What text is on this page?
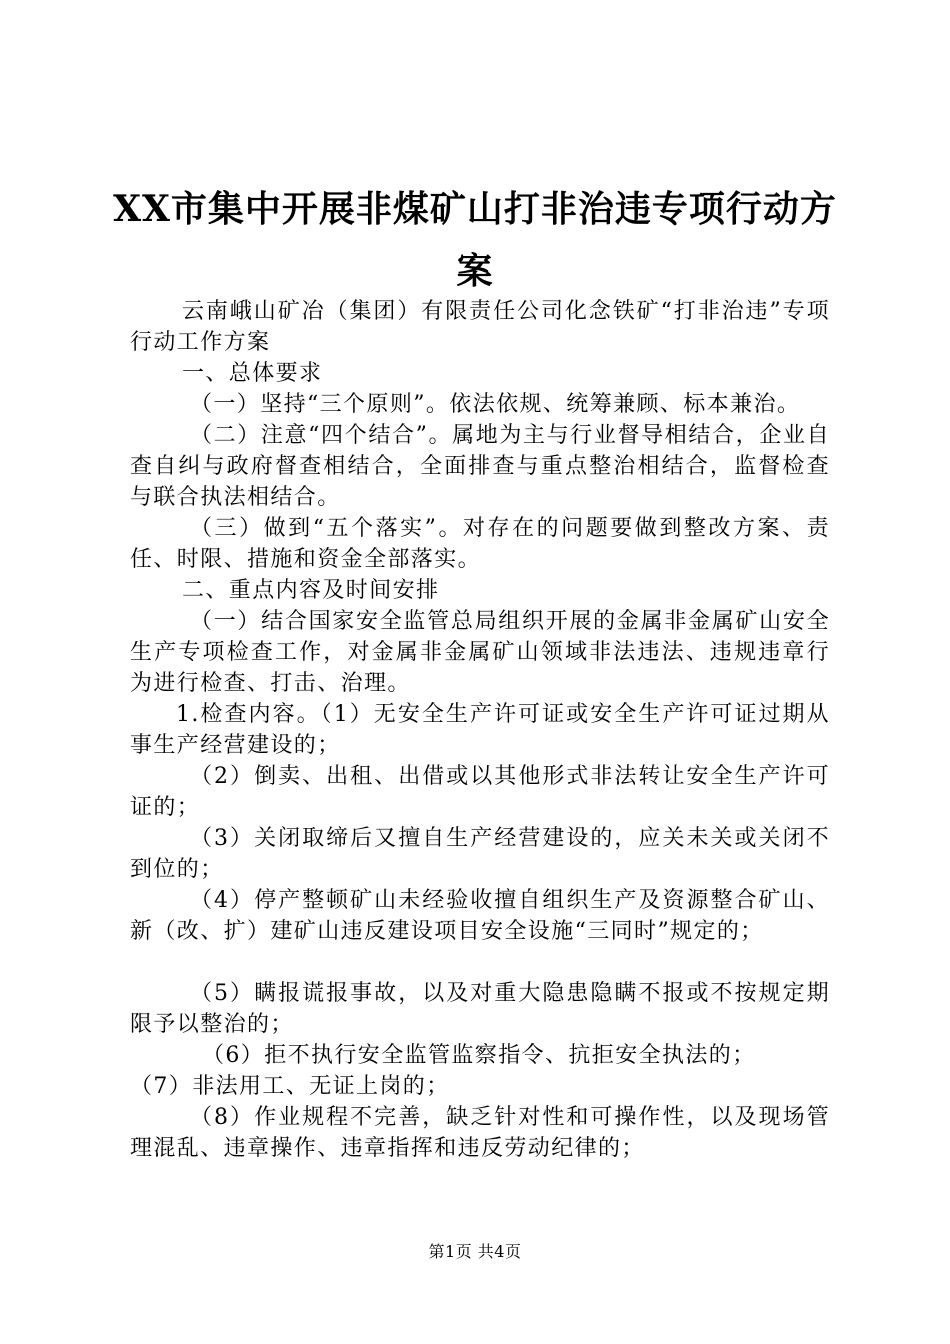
XX市集中开展非煤矿山打非治违专项行动方案

云南峨山矿冶（集团）有限责任公司化念铁矿“打非治违”专项行动工作方案

一、总体要求

（一）坚持“三个原则”。依法依规、统筹兼顾、标本兼治。

（二）注意“四个结合”。属地为主与行业督导相结合，企业自查自纠与政府督查相结合，全面排查与重点整治相结合，监督检查与联合执法相结合。

（三）做到“五个落实”。对存在的问题要做到整改方案、责任、时限、措施和资金全部落实。

二、重点内容及时间安排

（一）结合国家安全监管总局组织开展的金属非金属矿山安全生产专项检查工作，对金属非金属矿山领域非法违法、违规违章行为进行检查、打击、治理。

1.检查内容。（1）无安全生产许可证或安全生产许可证过期从事生产经营建设的；

（2）倒卖、出租、出借或以其他形式非法转让安全生产许可证的；

（3）关闭取缔后又擅自生产经营建设的，应关未关或关闭不到位的；

（4）停产整顿矿山未经验收擅自组织生产及资源整合矿山、新（改、扩）建矿山违反建设项目安全设施“三同时”规定的；

（5）瞒报谎报事故，以及对重大隐患隐瞒不报或不按规定期限予以整治的；

（6）拒不执行安全监管监察指令、抗拒安全执法的；

（7）非法用工、无证上岗的；

（8）作业规程不完善，缺乏针对性和可操作性，以及现场管理混乱、违章操作、违章指挥和违反劳动纪律的；

第1页 共4页
